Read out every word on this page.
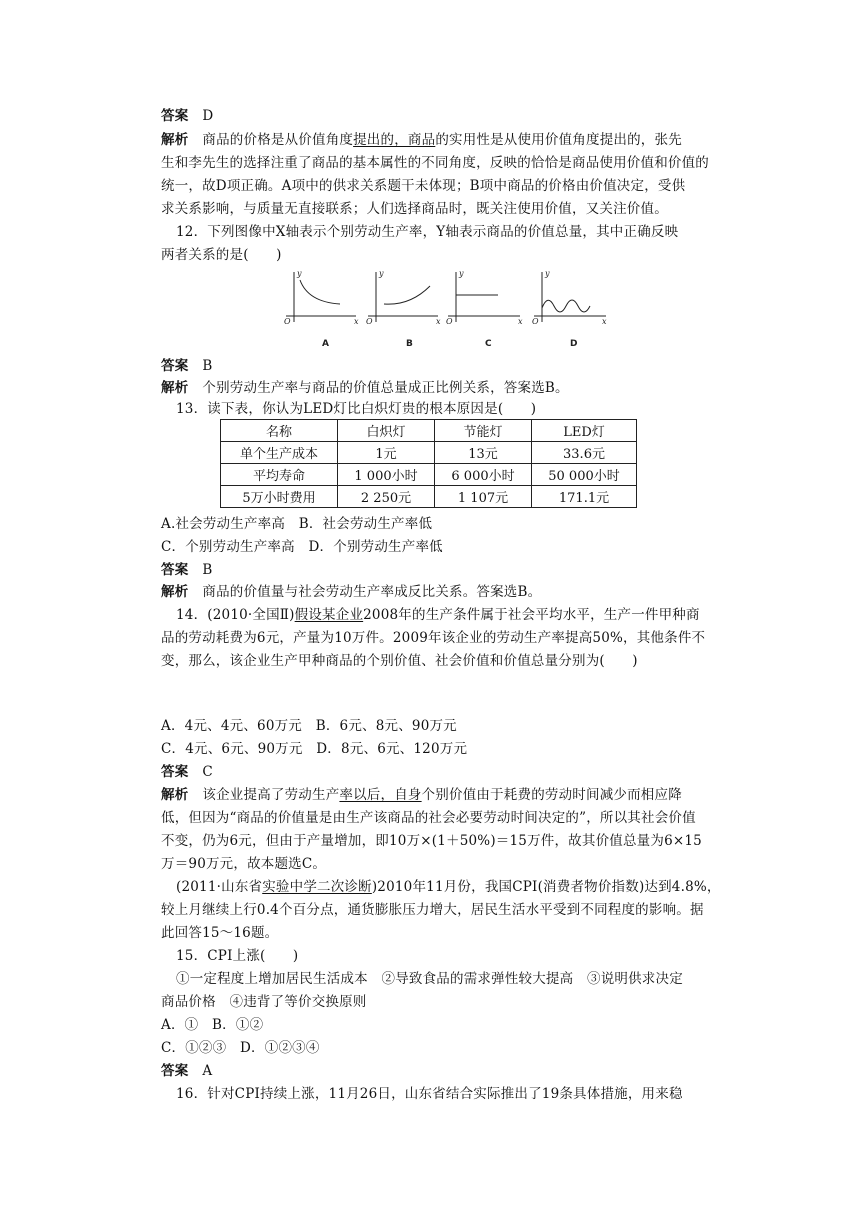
答案 D
解析 商品的价格是从价值角度提出的，商品的实用性是从使用价值角度提出的，张先
生和李先生的选择注重了商品的基本属性的不同角度，反映的恰恰是商品使用价值和价值的
统一，故D项正确。A项中的供求关系题干未体现；B项中商品的价格由价值决定，受供
求关系影响，与质量无直接联系；人们选择商品时，既关注使用价值，又关注价值。
12．下列图像中X轴表示个别劳动生产率，Y轴表示商品的价值总量，其中正确反映
两者关系的是(　　)
y
O	x
y
O	x
y
O	x
y
O	x
A	B	C	D
答案 B
解析 个别劳动生产率与商品的价值总量成正比例关系，答案选B。
13．读下表，你认为LED灯比白炽灯贵的根本原因是(　　)
名称	白炽灯	节能灯	LED灯
单个生产成本	1元	13元	33.6元
平均寿命	1 000小时	6 000小时	50 000小时
5万小时费用	2 250元	1 107元	171.1元
A.社会劳动生产率高　B．社会劳动生产率低
C．个别劳动生产率高　D．个别劳动生产率低
答案 B
解析 商品的价值量与社会劳动生产率成反比关系。答案选B。
14．(2010·全国Ⅱ)假设某企业2008年的生产条件属于社会平均水平，生产一件甲种商
品的劳动耗费为6元，产量为10万件。2009年该企业的劳动生产率提高50%，其他条件不
变，那么，该企业生产甲种商品的个别价值、社会价值和价值总量分别为(　　)
A．4元、4元、60万元　B．6元、8元、90万元
C．4元、6元、90万元　D．8元、6元、120万元
答案 C
解析 该企业提高了劳动生产率以后，自身个别价值由于耗费的劳动时间减少而相应降
低，但因为“商品的价值量是由生产该商品的社会必要劳动时间决定的”，所以其社会价值
不变，仍为6元，但由于产量增加，即10万×(1＋50%)＝15万件，故其价值总量为6×15
万＝90万元，故本题选C。
(2011·山东省实验中学二次诊断)2010年11月份，我国CPI(消费者物价指数)达到4.8%，
较上月继续上行0.4个百分点，通货膨胀压力增大，居民生活水平受到不同程度的影响。据
此回答15～16题。
15．CPI上涨(　　)
①一定程度上增加居民生活成本　②导致食品的需求弹性较大提高　③说明供求决定
商品价格　④违背了等价交换原则
A．①　B．①②
C．①②③　D．①②③④
答案 A
16．针对CPI持续上涨，11月26日，山东省结合实际推出了19条具体措施，用来稳
